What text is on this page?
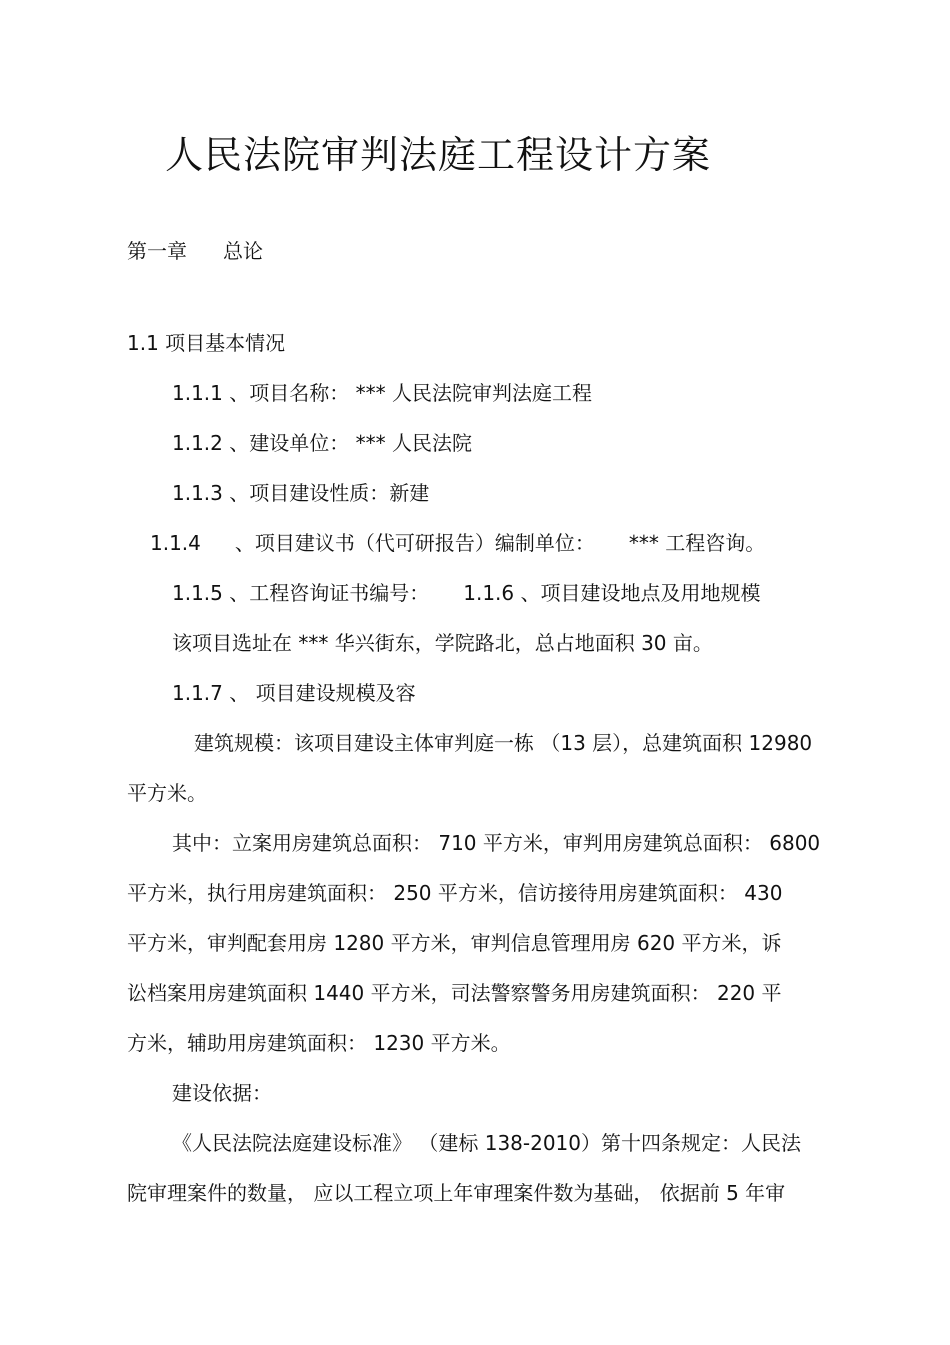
人民法院审判法庭工程设计方案
第一章 总论
1.1 项目基本情况
1.1.1 、项目名称： *** 人民法院审判法庭工程
1.1.2 、建设单位： *** 人民法院
1.1.3 、项目建设性质：新建
1.1.4 、项目建议书（代可研报告）编制单位： *** 工程咨询。
1.1.5 、工程咨询证书编号： 1.1.6 、项目建设地点及用地规模
该项目选址在 *** 华兴街东，学院路北，总占地面积 30 亩。
1.1.7 、 项目建设规模及容
建筑规模：该项目建设主体审判庭一栋 （13 层），总建筑面积 12980
平方米。
其中：立案用房建筑总面积： 710 平方米，审判用房建筑总面积： 6800
平方米，执行用房建筑面积： 250 平方米，信访接待用房建筑面积： 430
平方米，审判配套用房 1280 平方米，审判信息管理用房 620 平方米，诉
讼档案用房建筑面积 1440 平方米，司法警察警务用房建筑面积： 220 平
方米，辅助用房建筑面积： 1230 平方米。
建设依据：
《人民法院法庭建设标准》 （建标 138-2010）第十四条规定：人民法
院审理案件的数量， 应以工程立项上年审理案件数为基础， 依据前 5 年审
